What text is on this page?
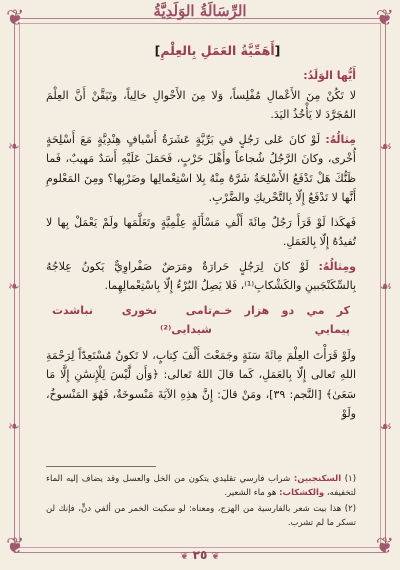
❦	❦
❦	❦
❧
❧
❧
☙
☙
☙
الرِّسَالَةُ الوَلَدِيَّةُ
[أَهَمِّيَّةُ العَمَلِ بِالعِلْمِ]

أَيُّها الوَلَدُ:

لا تَكُنْ مِنَ الأَعْمالِ مُفْلِساً، وَلا مِنَ الأَحْوالِ خالِياً، وتَيَقَّنْ أَنَّ العِلْمَ المُجَرَّدَ لا يَأْخُذُ اليَدَ.

مِثالُهُ: لَوْ كانَ عَلى رَجُلٍ في بَرِّيَّةٍ عَشَرَةُ أَسْيافٍ هِنْدِيَّةٍ مَعَ أَسْلِحَةٍ أُخْرى، وكانَ الرَّجُلُ شُجاعاً وأَهْلَ حَرْبٍ، فَحَمَلَ عَلَيْهِ أَسَدٌ مَهيبٌ، فَما ظَنُّكَ هَلْ تَدْفَعُ الأَسْلِحَةُ شَرَّهُ مِنْهُ بِلا اسْتِعْمالِها وضَرْبِها؟ ومِنَ المَعْلومِ أَنَّها لا تَدْفَعُ إِلّا بِالتَّحْريكِ والضَّرْبِ.

فَهكَذا لَوْ قَرَأَ رَجُلٌ مِائَةَ أَلْفِ مَسْأَلَةٍ عِلْمِيَّةٍ وتَعَلَّمَها ولَمْ يَعْمَلْ بِها لا تُفيدُهُ إِلّا بِالعَمَلِ.

ومِثالُهُ: لَوْ كانَ لِرَجُلٍ حَرارَةٌ ومَرَضٌ صَفْراوِيٌّ يَكونُ عِلاجُهُ بِالسِّكَنْجَبينِ والكَشْكابِ⁽¹⁾، فَلا يَصِلُ البُرْءُ إِلّا بِاسْتِعْمالِهِما.

كر مي دو هزار خـم پيمايي
تامی نخوری نباشدت شیدایی⁽²⁾

ولَوْ قَرَأْتَ العِلْمَ مِائَةَ سَنَةٍ وجَمَعْتَ أَلْفَ كِتابٍ، لا تَكونُ مُسْتَعِدّاً لِرَحْمَةِ اللهِ تَعالى إِلّا بِالعَمَلِ، كَما قالَ اللهُ تَعالى: ﴿وَأَن لَّيْسَ لِلْإِنسَٰنِ إِلَّا مَا سَعَىٰ﴾ [النَّجم: ٣٩]، ومَنْ قالَ: إِنَّ هذِهِ الآيَةَ مَنْسوخَةٌ، فَهُوَ المَنْسوخُ، ولَوْ

(١) السكنجبين: شراب فارسي تقليدي يتكون من الخل والعسل وقد يضاف إليه الماء لتخفيفه، والكشكاب: هو ماء الشعير.

(٢) هذا بيت شعر بالفارسية من الهزج، ومعناه: لو سكبت الخمر من ألفي دنٍّ، فإنك لن تسكر ما لم تشرب.

❦ ٢٥ ❦
